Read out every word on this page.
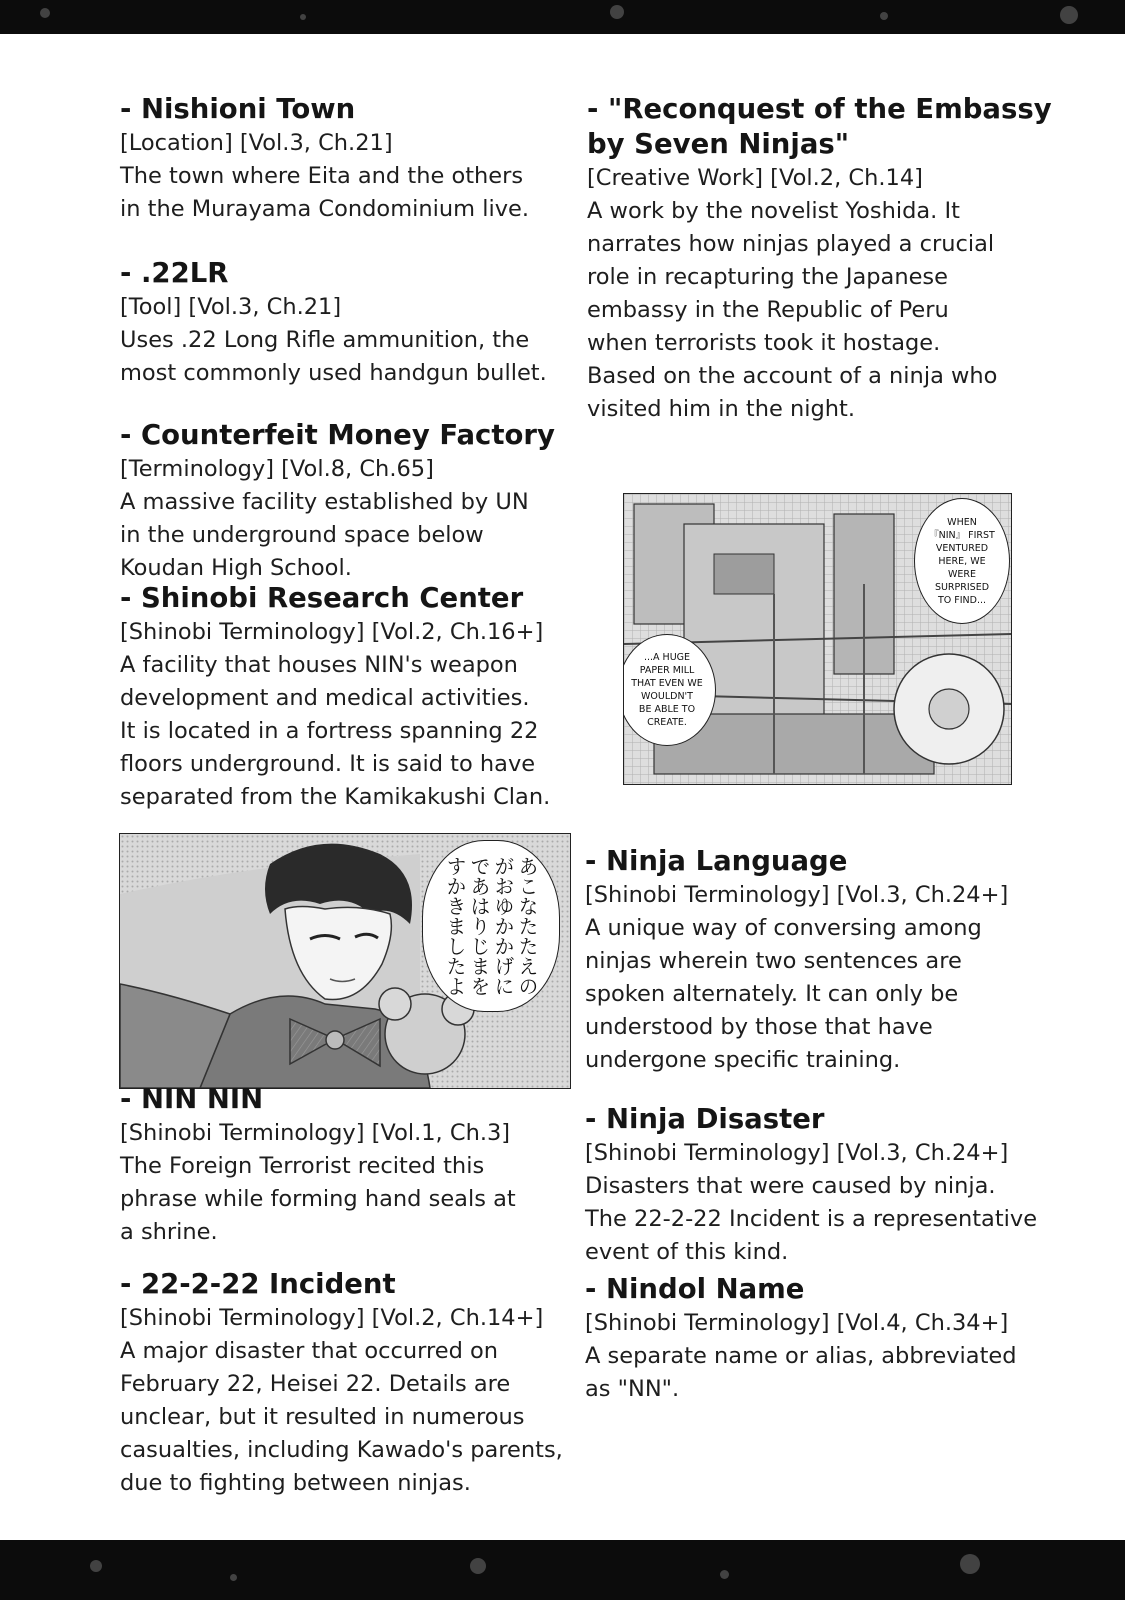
- Nishioni Town

[Location] [Vol.3, Ch.21]

The town where Eita and the others
in the Murayama Condominium live.

- .22LR

[Tool] [Vol.3, Ch.21]

Uses .22 Long Rifle ammunition, the
most commonly used handgun bullet.

- Counterfeit Money Factory

[Terminology] [Vol.8, Ch.65]

A massive facility established by UN
in the underground space below
Koudan High School.

- Shinobi Research Center

[Shinobi Terminology] [Vol.2, Ch.16+]

A facility that houses NIN's weapon
development and medical activities.
It is located in a fortress spanning 22
floors underground. It is said to have
separated from the Kamikakushi Clan.

あこなたたえの
がおゆかかげに
であはりじまを
すかきましたよ
- NIN NIN

[Shinobi Terminology] [Vol.1, Ch.3]

The Foreign Terrorist recited this
phrase while forming hand seals at
a shrine.

- 22-2-22 Incident

[Shinobi Terminology] [Vol.2, Ch.14+]

A major disaster that occurred on
February 22, Heisei 22. Details are
unclear, but it resulted in numerous
casualties, including Kawado's parents,
due to fighting between ninjas.

- "Reconquest of the Embassy
by Seven Ninjas"

[Creative Work] [Vol.2, Ch.14]

A work by the novelist Yoshida. It
narrates how ninjas played a crucial
role in recapturing the Japanese
embassy in the Republic of Peru
when terrorists took it hostage.
Based on the account of a ninja who
visited him in the night.

WHEN
『NIN』 FIRST
VENTURED
HERE, WE
WERE
SURPRISED
TO FIND...
...A HUGE
PAPER MILL
THAT EVEN WE
WOULDN'T
BE ABLE TO
CREATE.
- Ninja Language

[Shinobi Terminology] [Vol.3, Ch.24+]

A unique way of conversing among
ninjas wherein two sentences are
spoken alternately. It can only be
understood by those that have
undergone specific training.

- Ninja Disaster

[Shinobi Terminology] [Vol.3, Ch.24+]

Disasters that were caused by ninja.
The 22-2-22 Incident is a representative
event of this kind.

- Nindol Name

[Shinobi Terminology] [Vol.4, Ch.34+]

A separate name or alias, abbreviated
as "NN".
